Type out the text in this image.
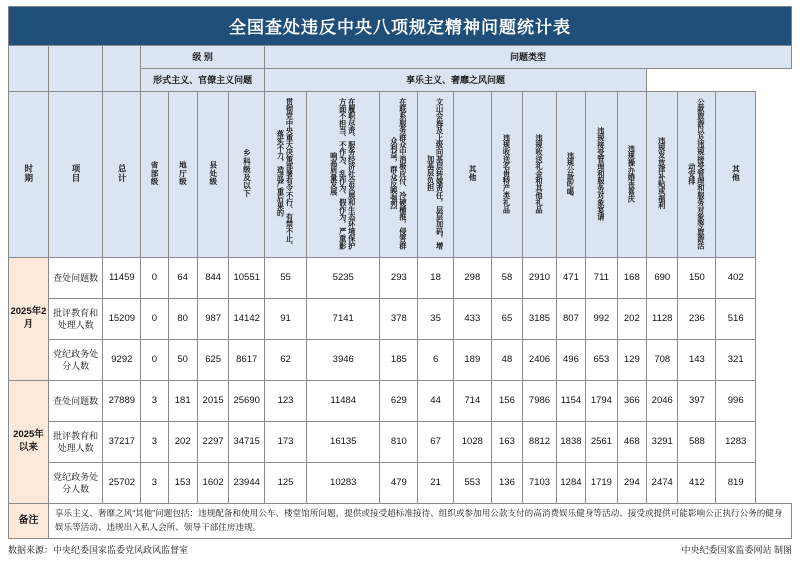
全国查处违反中央八项规定精神问题统计表
			级 别				问题类型												
			形式主义、官僚主义问题				享乐主义、奢靡之风问题												
时期	项目	总计	省部级	地厅级	县处级	乡科级及以下	贯彻党中央重大决策部署有令不行、有禁不止、落实不力，造成严重后果的	在履职尽责、服务经济社会发展和生态环境保护方面不担当、不作为、乱作为、假作为，严重影响高质量发展	在联系服务群众中消极应付、冷硬横推，侵害群众利益，群众反映强烈	文山会海及上级向基层转嫁责任，层层加码，增加基层负担	其他	违规收送名贵特产类礼品	违规收送礼金和其他礼品	违规公款吃喝	违规接受管理和服务对象宴请	违规操办婚丧喜庆	违规发放津补贴或福利	公款旅游以及违规接受管理和服务对象等旅游活动安排	其他
2025年2月	查处问题数	11459	0	64	844	10551	55	5235	293	18	298	58	2910	471	711	168	690	150	402
	批评教育和处理人数	15209	0	80	987	14142	91	7141	378	35	433	65	3185	807	992	202	1128	236	516
	党纪政务处分人数	9292	0	50	625	8617	62	3946	185	6	189	48	2406	496	653	129	708	143	321
2025年以来	查处问题数	27889	3	181	2015	25690	123	11484	629	44	714	156	7986	1154	1794	366	2046	397	996
	批评教育和处理人数	37217	3	202	2297	34715	173	16135	810	67	1028	163	8812	1838	2561	468	3291	588	1283
	党纪政务处分人数	25702	3	153	1602	23944	125	10283	479	21	553	136	7103	1284	1719	294	2474	412	819
备注	享乐主义、奢靡之风“其他”问题包括：违规配备和使用公车、楼堂馆所问题，提供或接受超标准接待、组织或参加用公款支付的高消费娱乐健身等活动、接受或提供可能影响公正执行公务的健身娱乐等活动、违规出入私人会所、领导干部住房违规。																		
数据来源：中央纪委国家监委党风政风监督室	中央纪委国家监委网站 制图
